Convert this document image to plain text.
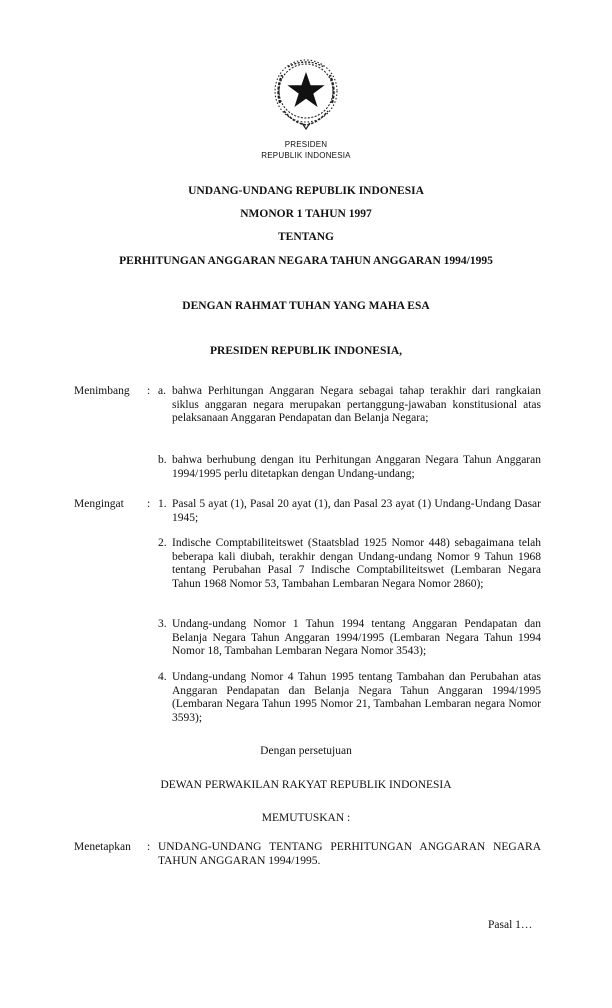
PRESIDEN
REPUBLIK INDONESIA
UNDANG-UNDANG REPUBLIK INDONESIA
NMONOR 1 TAHUN 1997
TENTANG
PERHITUNGAN ANGGARAN NEGARA TAHUN ANGGARAN 1994/1995
DENGAN RAHMAT TUHAN YANG MAHA ESA
PRESIDEN REPUBLIK INDONESIA,
Menimbang : a. bahwa Perhitungan Anggaran Negara sebagai tahap terakhir dari rangkaian siklus anggaran negara merupakan pertanggung-jawaban konstitusional atas pelaksanaan Anggaran Pendapatan dan Belanja Negara;
b. bahwa berhubung dengan itu Perhitungan Anggaran Negara Tahun Anggaran 1994/1995 perlu ditetapkan dengan Undang-undang;
Mengingat : 1. Pasal 5 ayat (1), Pasal 20 ayat (1), dan Pasal 23 ayat (1) Undang-Undang Dasar 1945;
2. Indische Comptabiliteitswet (Staatsblad 1925 Nomor 448) sebagaimana telah beberapa kali diubah, terakhir dengan Undang-undang Nomor 9 Tahun 1968 tentang Perubahan Pasal 7 Indische Comptabiliteitswet (Lembaran Negara Tahun 1968 Nomor 53, Tambahan Lembaran Negara Nomor 2860);
3. Undang-undang Nomor 1 Tahun 1994 tentang Anggaran Pendapatan dan Belanja Negara Tahun Anggaran 1994/1995 (Lembaran Negara Tahun 1994 Nomor 18, Tambahan Lembaran Negara Nomor 3543);
4. Undang-undang Nomor 4 Tahun 1995 tentang Tambahan dan Perubahan atas Anggaran Pendapatan dan Belanja Negara Tahun Anggaran 1994/1995 (Lembaran Negara Tahun 1995 Nomor 21, Tambahan Lembaran negara Nomor 3593);
Dengan persetujuan
DEWAN PERWAKILAN RAKYAT REPUBLIK INDONESIA
MEMUTUSKAN :
Menetapkan : UNDANG-UNDANG TENTANG PERHITUNGAN ANGGARAN NEGARA TAHUN ANGGARAN 1994/1995.
Pasal 1…
